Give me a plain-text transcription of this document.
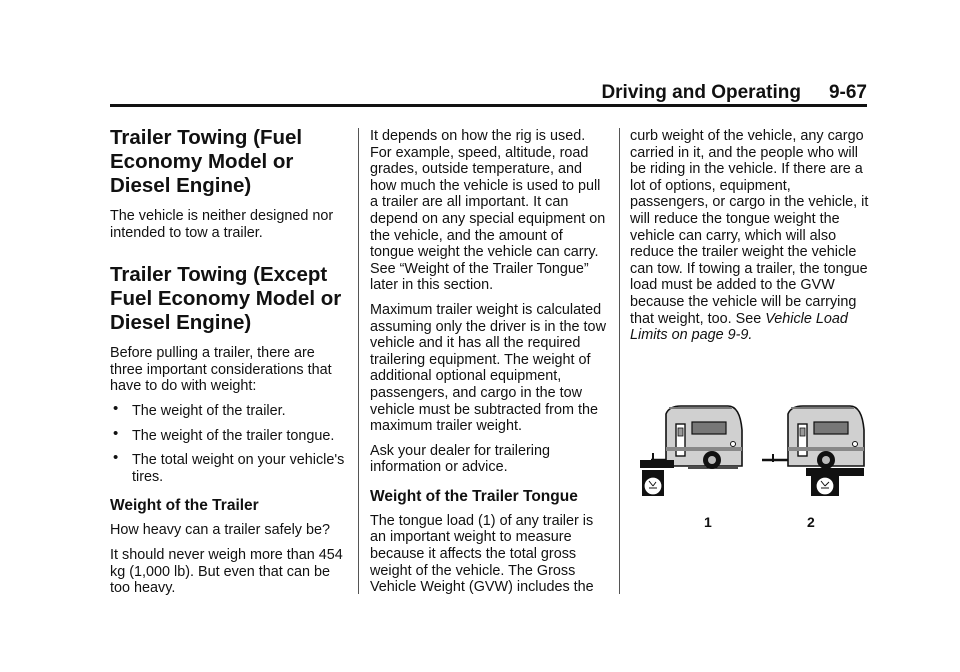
Driving and Operating 9-67
Trailer Towing (Fuel Economy Model or Diesel Engine)

The vehicle is neither designed nor intended to tow a trailer.

Trailer Towing (Except Fuel Economy Model or Diesel Engine)

Before pulling a trailer, there are three important considerations that have to do with weight:

• The weight of the trailer.
• The weight of the trailer tongue.
• The total weight on your vehicle's tires.
Weight of the Trailer

How heavy can a trailer safely be?

It should never weigh more than 454 kg (1,000 lb). But even that can be too heavy.

It depends on how the rig is used. For example, speed, altitude, road grades, outside temperature, and how much the vehicle is used to pull a trailer are all important. It can depend on any special equipment on the vehicle, and the amount of tongue weight the vehicle can carry. See “Weight of the Trailer Tongue” later in this section.

Maximum trailer weight is calculated assuming only the driver is in the tow vehicle and it has all the required trailering equipment. The weight of additional optional equipment, passengers, and cargo in the tow vehicle must be subtracted from the maximum trailer weight.

Ask your dealer for trailering information or advice.

Weight of the Trailer Tongue

The tongue load (1) of any trailer is an important weight to measure because it affects the total gross weight of the vehicle. The Gross Vehicle Weight (GVW) includes the

curb weight of the vehicle, any cargo carried in it, and the people who will be riding in the vehicle. If there are a lot of options, equipment, passengers, or cargo in the vehicle, it will reduce the tongue weight the vehicle can carry, which will also reduce the trailer weight the vehicle can tow. If towing a trailer, the tongue load must be added to the GVW because the vehicle will be carrying that weight, too. See Vehicle Load Limits on page 9-9.

1	2
